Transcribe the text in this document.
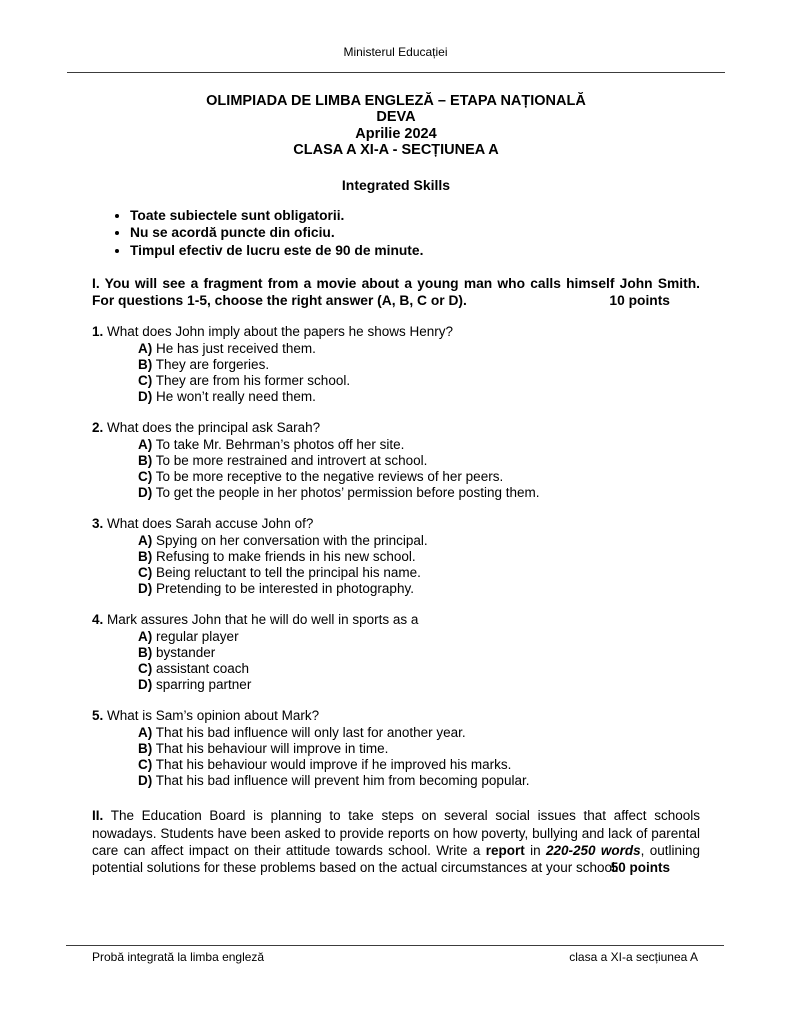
Ministerul Educației
OLIMPIADA DE LIMBA ENGLEZĂ – ETAPA NAȚIONALĂ
DEVA
Aprilie 2024
CLASA A XI-A - SECȚIUNEA A
Integrated Skills
• Toate subiectele sunt obligatorii.
• Nu se acordă puncte din oficiu.
• Timpul efectiv de lucru este de 90 de minute.
I. You will see a fragment from a movie about a young man who calls himself John Smith. For questions 1-5, choose the right answer (A, B, C or D).	10 points
1. What does John imply about the papers he shows Henry?
A) He has just received them.
B) They are forgeries.
C) They are from his former school.
D) He won’t really need them.
2. What does the principal ask Sarah?
A) To take Mr. Behrman’s photos off her site.
B) To be more restrained and introvert at school.
C) To be more receptive to the negative reviews of her peers.
D) To get the people in her photos’ permission before posting them.
3. What does Sarah accuse John of?
A) Spying on her conversation with the principal.
B) Refusing to make friends in his new school.
C) Being reluctant to tell the principal his name.
D) Pretending to be interested in photography.
4. Mark assures John that he will do well in sports as a
A) regular player
B) bystander
C) assistant coach
D) sparring partner
5. What is Sam’s opinion about Mark?
A) That his bad influence will only last for another year.
B) That his behaviour will improve in time.
C) That his behaviour would improve if he improved his marks.
D) That his bad influence will prevent him from becoming popular.
II. The Education Board is planning to take steps on several social issues that affect schools nowadays. Students have been asked to provide reports on how poverty, bullying and lack of parental care can affect impact on their attitude towards school. Write a report in 220-250 words, outlining potential solutions for these problems based on the actual circumstances at your school.
50 points
Probă integrată la limba engleză	clasa a XI-a secțiunea A
